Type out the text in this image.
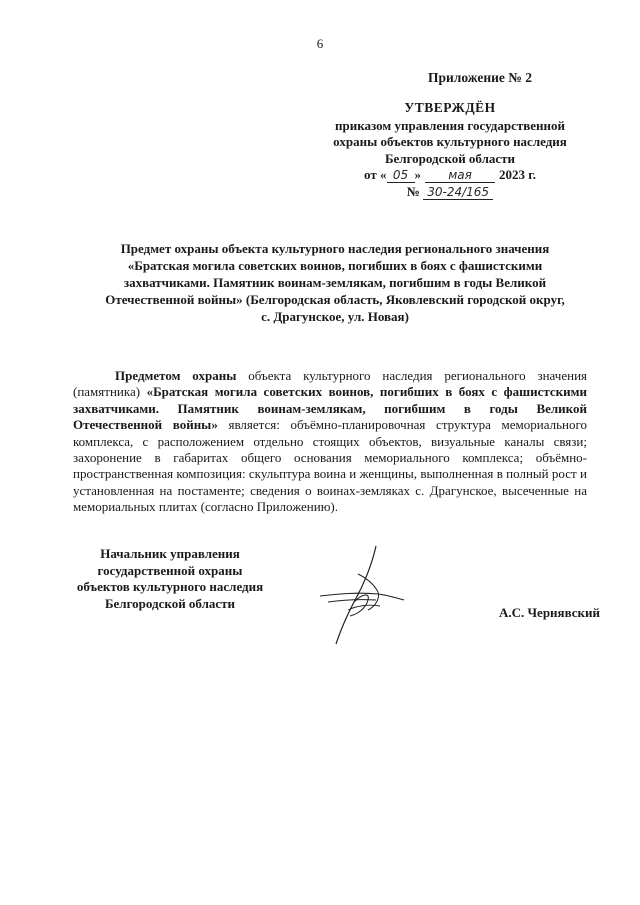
6
Приложение № 2
УТВЕРЖДЁН
приказом управления государственной
охраны объектов культурного наследия
Белгородской области
от « 05 » мая 2023 г.
№ 30-24/165
Предмет охраны объекта культурного наследия регионального значения
«Братская могила советских воинов, погибших в боях с фашистскими
захватчиками. Памятник воинам-землякам, погибшим в годы Великой
Отечественной войны» (Белгородская область, Яковлевский городской округ,
с. Драгунское, ул. Новая)

Предметом охраны объекта культурного наследия регионального значения (памятника) «Братская могила советских воинов, погибших в боях с фашистскими захватчиками. Памятник воинам-землякам, погибшим в годы Великой Отечественной войны» является: объёмно-планировочная структура мемориального комплекса, с расположением отдельно стоящих объектов, визуальные каналы связи; захоронение в габаритах общего основания мемориального комплекса; объёмно-пространственная композиция: скульптура воина и женщины, выполненная в полный рост и установленная на постаменте; сведения о воинах-земляках с. Драгунское, высеченные на мемориальных плитах (согласно Приложению).

Начальник управления
государственной охраны
объектов культурного наследия
Белгородской области
А.С. Чернявский
